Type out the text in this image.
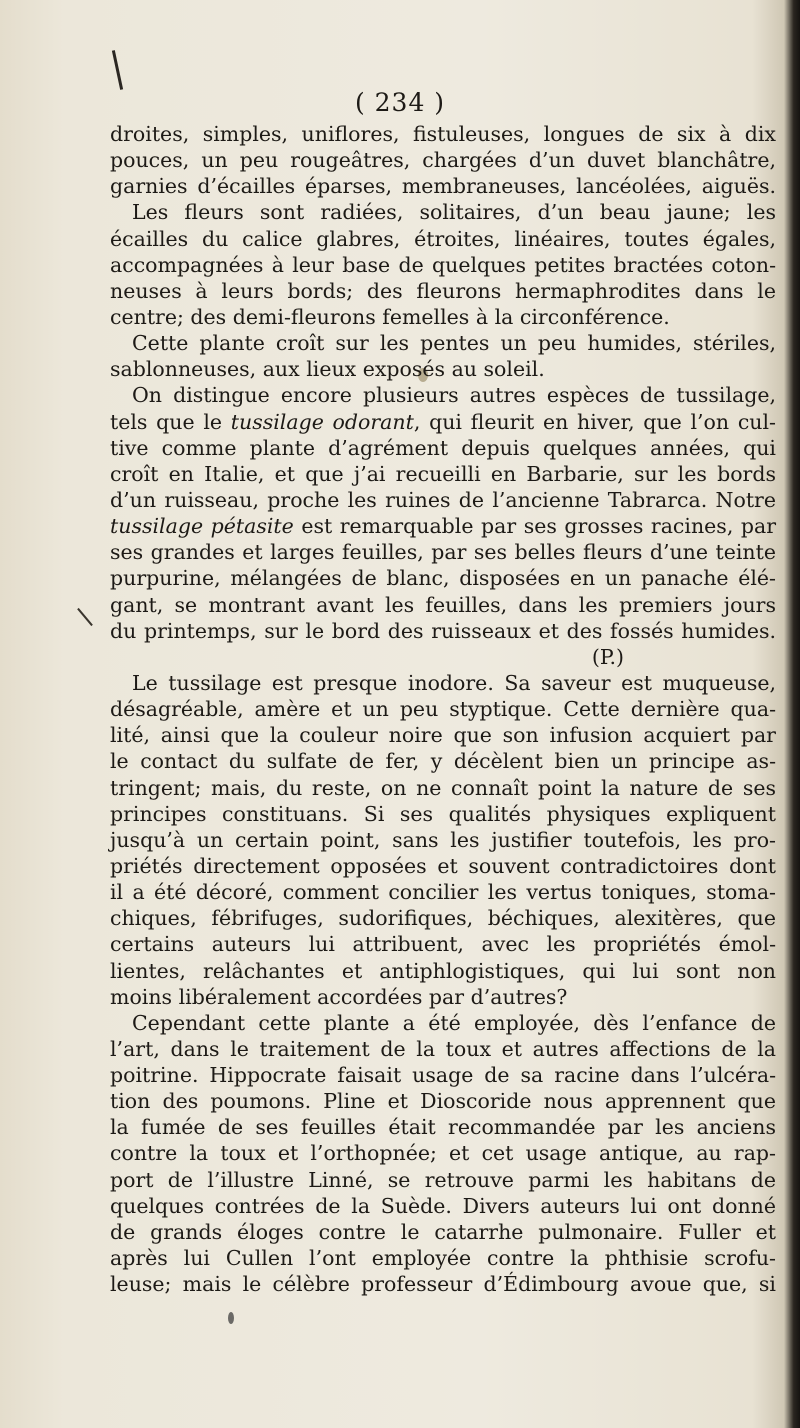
( 234 )
droites, simples, uniflores, fistuleuses, longues de six à dix
pouces, un peu rougeâtres, chargées d’un duvet blanchâtre,
garnies d’écailles éparses, membraneuses, lancéolées, aiguës.
Les fleurs sont radiées, solitaires, d’un beau jaune; les
écailles du calice glabres, étroites, linéaires, toutes égales,
accompagnées à leur base de quelques petites bractées coton-
neuses à leurs bords; des fleurons hermaphrodites dans le
centre; des demi-fleurons femelles à la circonférence.
Cette plante croît sur les pentes un peu humides, stériles,
sablonneuses, aux lieux exposés au soleil.
On distingue encore plusieurs autres espèces de tussilage,
tels que le tussilage odorant, qui fleurit en hiver, que l’on cul-
tive comme plante d’agrément depuis quelques années, qui
croît en Italie, et que j’ai recueilli en Barbarie, sur les bords
d’un ruisseau, proche les ruines de l’ancienne Tabrarca. Notre
tussilage pétasite est remarquable par ses grosses racines, par
ses grandes et larges feuilles, par ses belles fleurs d’une teinte
purpurine, mélangées de blanc, disposées en un panache élé-
gant, se montrant avant les feuilles, dans les premiers jours
du printemps, sur le bord des ruisseaux et des fossés humides.
(P.)
Le tussilage est presque inodore. Sa saveur est muqueuse,
désagréable, amère et un peu styptique. Cette dernière qua-
lité, ainsi que la couleur noire que son infusion acquiert par
le contact du sulfate de fer, y décèlent bien un principe as-
tringent; mais, du reste, on ne connaît point la nature de ses
principes constituans. Si ses qualités physiques expliquent
jusqu’à un certain point, sans les justifier toutefois, les pro-
priétés directement opposées et souvent contradictoires dont
il a été décoré, comment concilier les vertus toniques, stoma-
chiques, fébrifuges, sudorifiques, béchiques, alexitères, que
certains auteurs lui attribuent, avec les propriétés émol-
lientes, relâchantes et antiphlogistiques, qui lui sont non
moins libéralement accordées par d’autres?
Cependant cette plante a été employée, dès l’enfance de
l’art, dans le traitement de la toux et autres affections de la
poitrine. Hippocrate faisait usage de sa racine dans l’ulcéra-
tion des poumons. Pline et Dioscoride nous apprennent que
la fumée de ses feuilles était recommandée par les anciens
contre la toux et l’orthopnée; et cet usage antique, au rap-
port de l’illustre Linné, se retrouve parmi les habitans de
quelques contrées de la Suède. Divers auteurs lui ont donné
de grands éloges contre le catarrhe pulmonaire. Fuller et
après lui Cullen l’ont employée contre la phthisie scrofu-
leuse; mais le célèbre professeur d’Édimbourg avoue que, si
